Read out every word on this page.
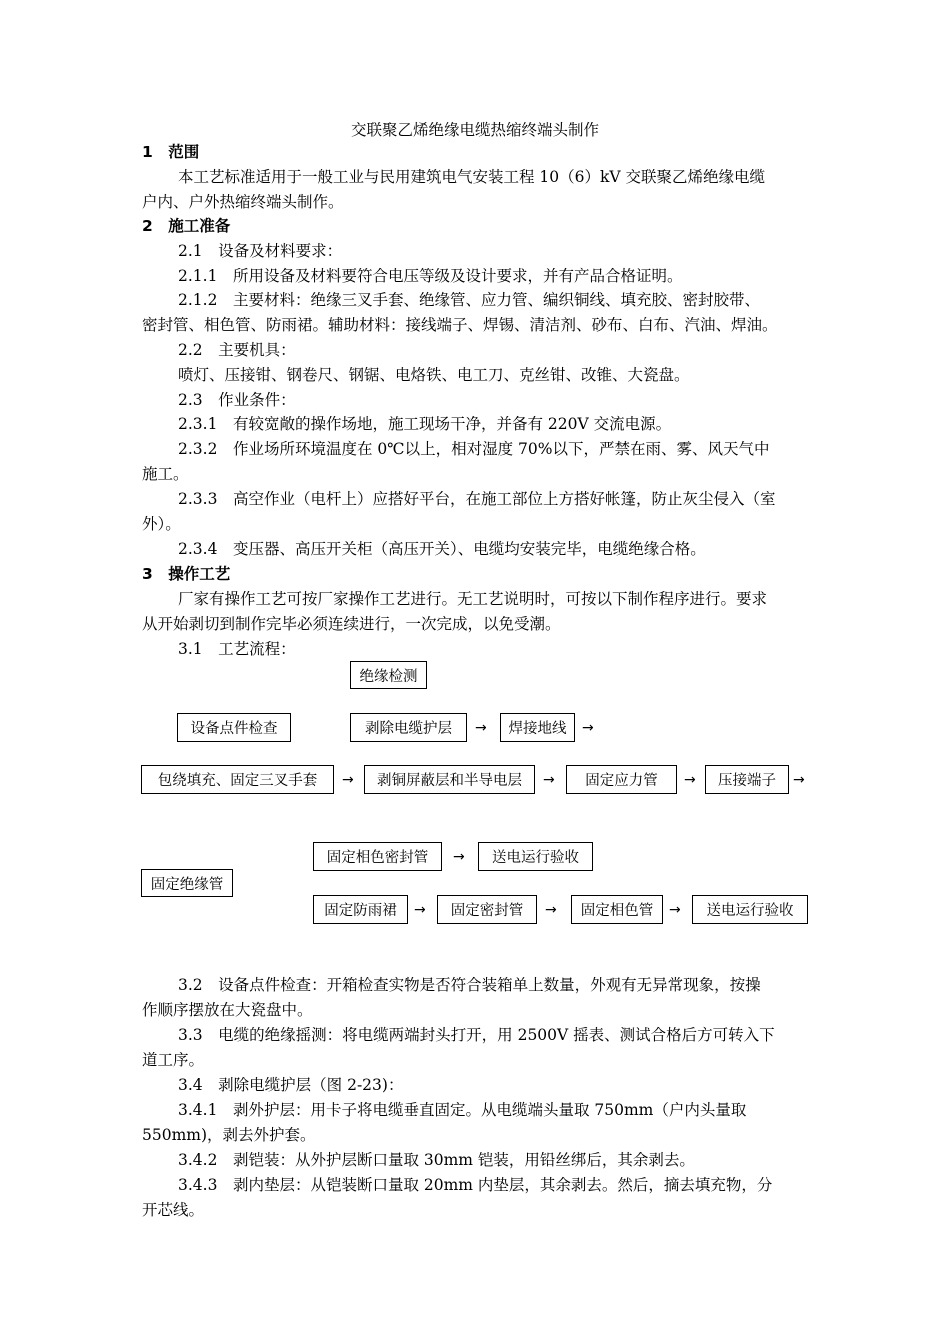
交联聚乙烯绝缘电缆热缩终端头制作
1　范围
本工艺标准适用于一般工业与民用建筑电气安装工程 10（6）kV 交联聚乙烯绝缘电缆
户内、户外热缩终端头制作。
2　施工准备
2.1　设备及材料要求：
2.1.1　所用设备及材料要符合电压等级及设计要求，并有产品合格证明。
2.1.2　主要材料：绝缘三叉手套、绝缘管、应力管、编织铜线、填充胶、密封胶带、
密封管、相色管、防雨裙。辅助材料：接线端子、焊锡、清洁剂、砂布、白布、汽油、焊油。
2.2　主要机具：
喷灯、压接钳、钢卷尺、钢锯、电烙铁、电工刀、克丝钳、改锥、大瓷盘。
2.3　作业条件：
2.3.1　有较宽敞的操作场地，施工现场干净，并备有 220V 交流电源。
2.3.2　作业场所环境温度在 0℃以上，相对湿度 70%以下，严禁在雨、雾、风天气中
施工。
2.3.3　高空作业（电杆上）应搭好平台，在施工部位上方搭好帐篷，防止灰尘侵入（室
外）。
2.3.4　变压器、高压开关柜（高压开关）、电缆均安装完毕，电缆绝缘合格。
3　操作工艺
厂家有操作工艺可按厂家操作工艺进行。无工艺说明时，可按以下制作程序进行。要求
从开始剥切到制作完毕必须连续进行，一次完成，以免受潮。
3.1　工艺流程：
绝缘检测
设备点件检查	剥除电缆护层	→	焊接地线	→
包绕填充、固定三叉手套	→	剥铜屏蔽层和半导电层	→	固定应力管	→	压接端子	→
固定相色密封管	→	送电运行验收
固定绝缘管
固定防雨裙	→	固定密封管	→	固定相色管	→	送电运行验收
3.2　设备点件检查：开箱检查实物是否符合装箱单上数量，外观有无异常现象，按操
作顺序摆放在大瓷盘中。
3.3　电缆的绝缘摇测：将电缆两端封头打开，用 2500V 摇表、测试合格后方可转入下
道工序。
3.4　剥除电缆护层（图 2-23)：
3.4.1　剥外护层：用卡子将电缆垂直固定。从电缆端头量取 750mm（户内头量取
550mm)，剥去外护套。
3.4.2　剥铠装：从外护层断口量取 30mm 铠装，用铅丝绑后，其余剥去。
3.4.3　剥内垫层：从铠装断口量取 20mm 内垫层，其余剥去。然后，摘去填充物，分
开芯线。
